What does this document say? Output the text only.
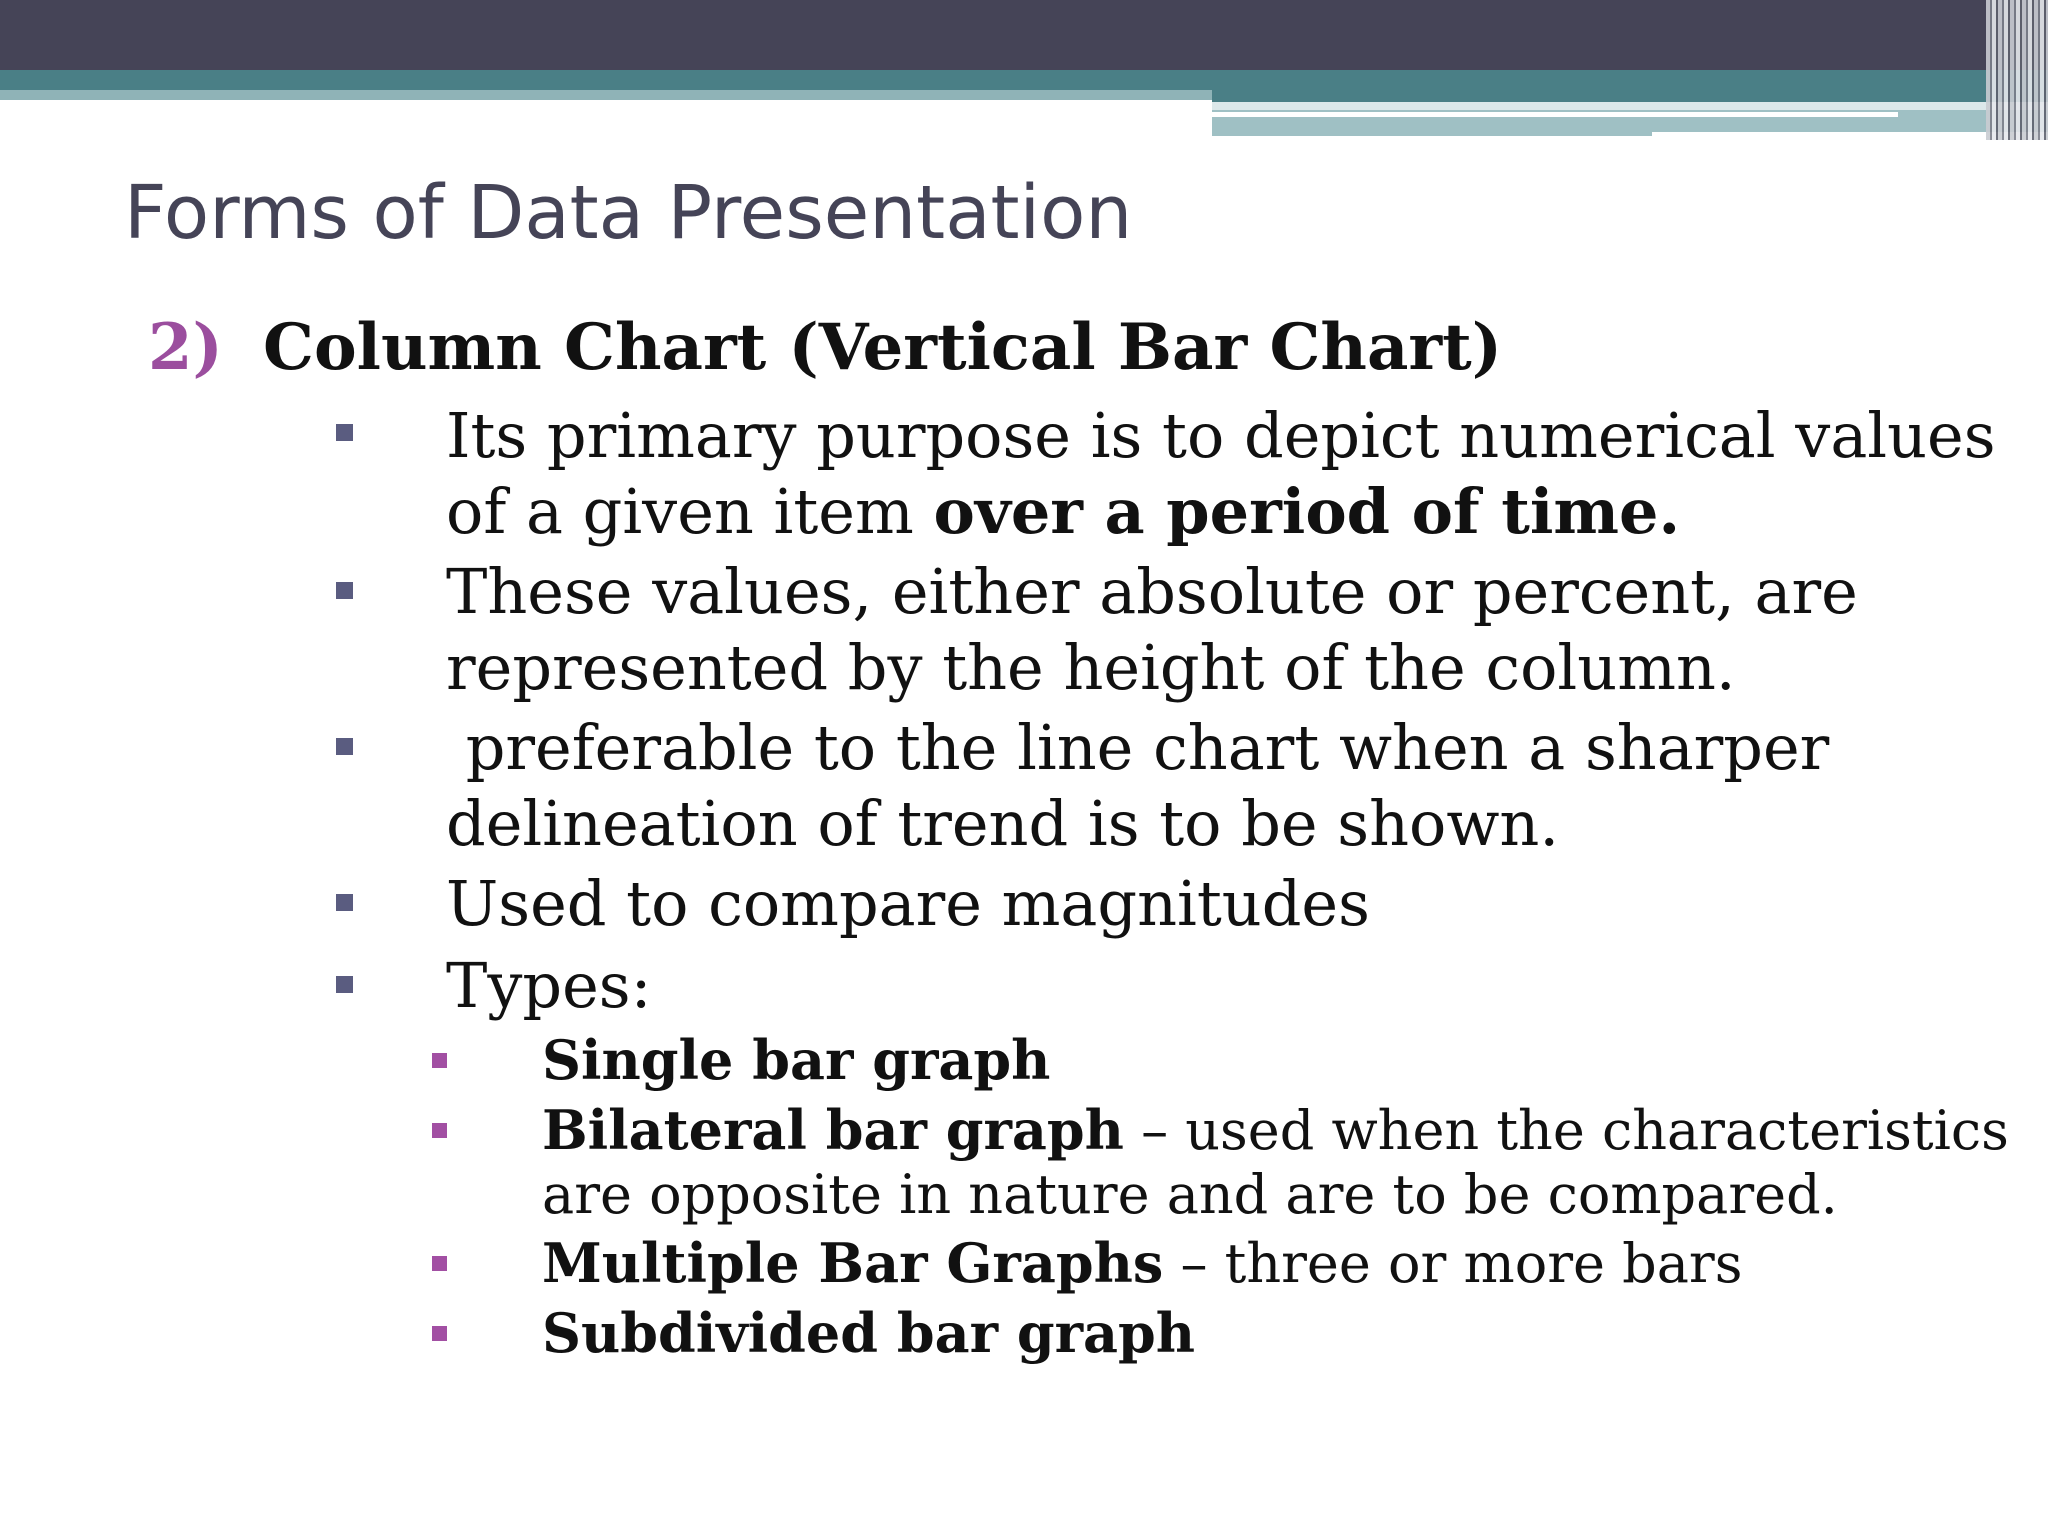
Forms of Data Presentation
2) Column Chart (Vertical Bar Chart)
Its primary purpose is to depict numerical values
of a given item over a period of time.
These values, either absolute or percent, are
represented by the height of the column.
preferable to the line chart when a sharper
delineation of trend is to be shown.
Used to compare magnitudes
Types:
Single bar graph
Bilateral bar graph – used when the characteristics
are opposite in nature and are to be compared.
Multiple Bar Graphs – three or more bars
Subdivided bar graph
